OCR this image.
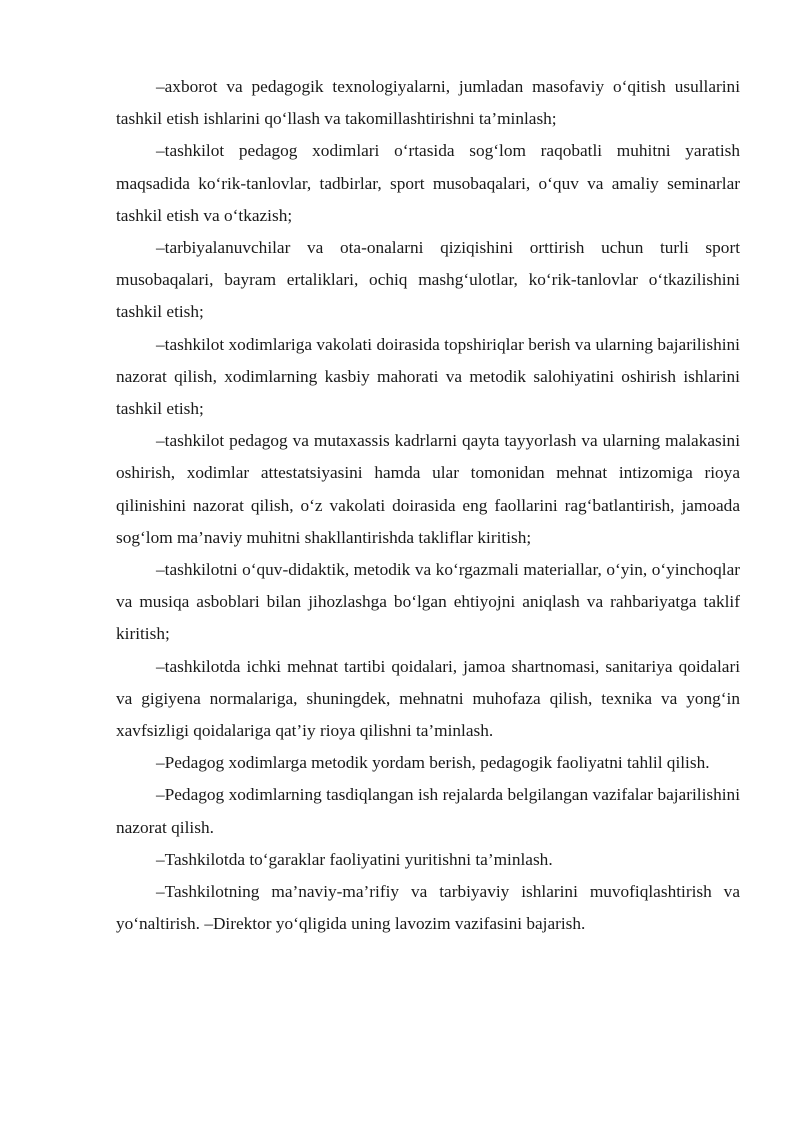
–axborot va pedagogik texnologiyalarni, jumladan masofaviy o‘qitish usullarini tashkil etish ishlarini qo‘llash va takomillashtirishni ta’minlash;

–tashkilot pedagog xodimlari o‘rtasida sog‘lom raqobatli muhitni yaratish maqsadida ko‘rik-tanlovlar, tadbirlar, sport musobaqalari, o‘quv va amaliy seminarlar tashkil etish va o‘tkazish;

–tarbiyalanuvchilar va ota-onalarni qiziqishini orttirish uchun turli sport musobaqalari, bayram ertaliklari, ochiq mashg‘ulotlar, ko‘rik-tanlovlar o‘tkazilishini tashkil etish;

–tashkilot xodimlariga vakolati doirasida topshiriqlar berish va ularning bajarilishini nazorat qilish, xodimlarning kasbiy mahorati va metodik salohiyatini oshirish ishlarini tashkil etish;

–tashkilot pedagog va mutaxassis kadrlarni qayta tayyorlash va ularning malakasini oshirish, xodimlar attestatsiyasini hamda ular tomonidan mehnat intizomiga rioya qilinishini nazorat qilish, o‘z vakolati doirasida eng faollarini rag‘batlantirish, jamoada sog‘lom ma’naviy muhitni shakllantirishda takliflar kiritish;

–tashkilotni o‘quv-didaktik, metodik va ko‘rgazmali materiallar, o‘yin, o‘yinchoqlar va musiqa asboblari bilan jihozlashga bo‘lgan ehtiyojni aniqlash va rahbariyatga taklif kiritish;

–tashkilotda ichki mehnat tartibi qoidalari, jamoa shartnomasi, sanitariya qoidalari va gigiyena normalariga, shuningdek, mehnatni muhofaza qilish, texnika va yong‘in xavfsizligi qoidalariga qat’iy rioya qilishni ta’minlash.

–Pedagog xodimlarga metodik yordam berish, pedagogik faoliyatni tahlil qilish.

–Pedagog xodimlarning tasdiqlangan ish rejalarda belgilangan vazifalar bajarilishini nazorat qilish.

–Tashkilotda to‘garaklar faoliyatini yuritishni ta’minlash.

–Tashkilotning ma’naviy-ma’rifiy va tarbiyaviy ishlarini muvofiqlashtirish va yo‘naltirish. –Direktor yo‘qligida uning lavozim vazifasini bajarish.
